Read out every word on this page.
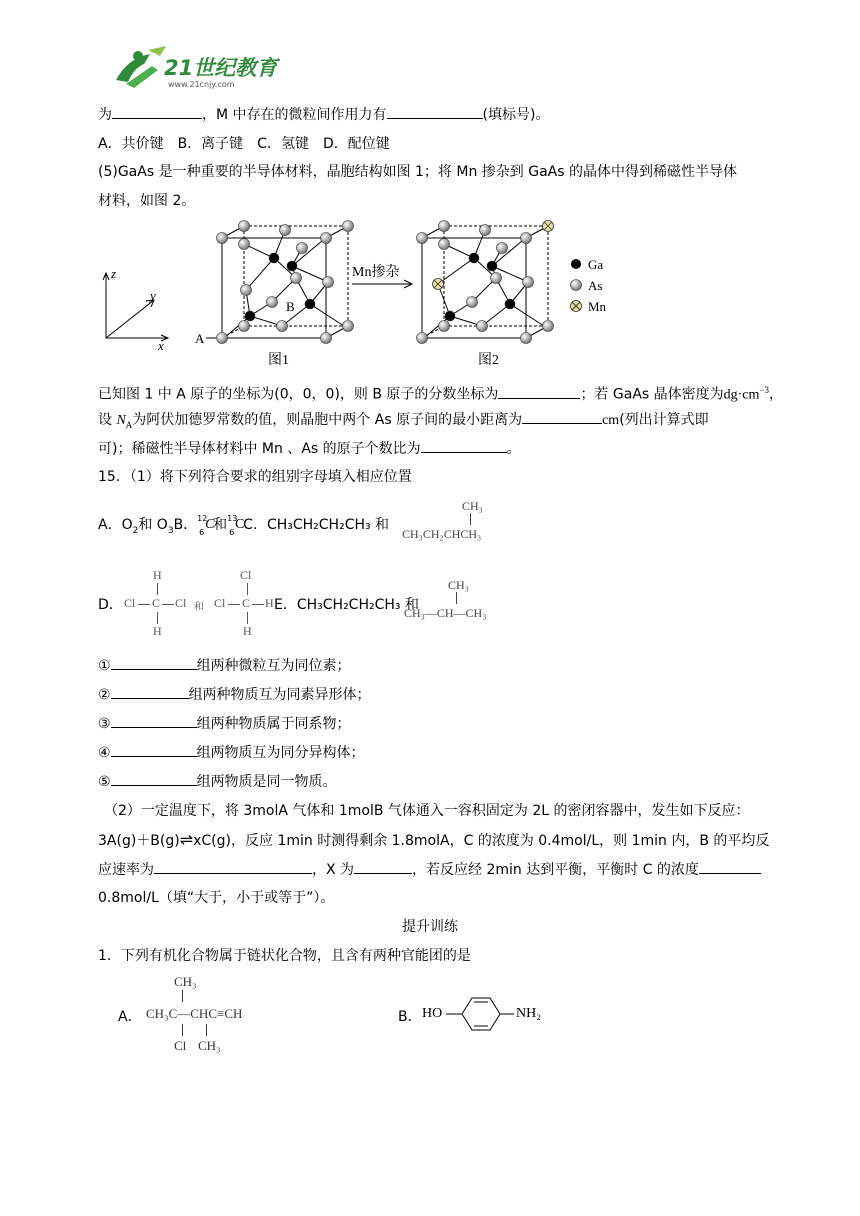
21世纪教育
www.21cnjy.com
为	，M 中存在的微粒间作用力有	(填标号)。
A．共价键　B．离子键　C．氢键　D．配位键
(5)GaAs 是一种重要的半导体材料，晶胞结构如图 1；将 Mn 掺杂到 GaAs 的晶体中得到稀磁性半导体
材料，如图 2。
z
y
x A
B
图1
Mn掺杂
图2
Ga
As
Mn
已知图 1 中 A 原子的坐标为(0，0，0)，则 B 原子的分数坐标为	；若 GaAs 晶体密度为$dg\cdot cm^{-3}$，
设 $N_A$为阿伏加德罗常数的值，则晶胞中两个 As 原子间的最小距离为	cm(列出计算式即
可)；稀磁性半导体材料中 Mn 、As 的原子个数比为	。
15．（1）将下列符合要求的组别字母填入相应位置
A．$O_2$和 $O_3B$． 12
6
C
和 13
6
C
C．CH₃CH₂CH₂CH₃ 和
CH₃
CH₃CH₂CHCH₃
D．
H
Cl C Cl
H
和
Cl
Cl C H
H
E．CH₃CH₂CH₂CH₃ 和
CH₃
CH₃—CH—CH₃
①	组两种微粒互为同位素；
②	组两种物质互为同素异形体；
③	组两种物质属于同系物；
④	组两物质互为同分异构体；
⑤	组两物质是同一物质。
（2）一定温度下，将 3molA 气体和 1molB 气体通入一容积固定为 2L 的密闭容器中，发生如下反应：
3A(g)＋B(g)⇌xC(g)，反应 1min 时测得剩余 1.8molA，C 的浓度为 0.4mol/L，则 1min 内，B 的平均反
应速率为	，X 为	，若反应经 2min 达到平衡，平衡时 C 的浓度
0.8mol/L（填“大于，小于或等于”）。
提升训练
1．下列有机化合物属于链状化合物，且含有两种官能团的是
A．
CH₃
CH₃C—CHC≡CH
Cl CH₃
B． HO	NH₂
